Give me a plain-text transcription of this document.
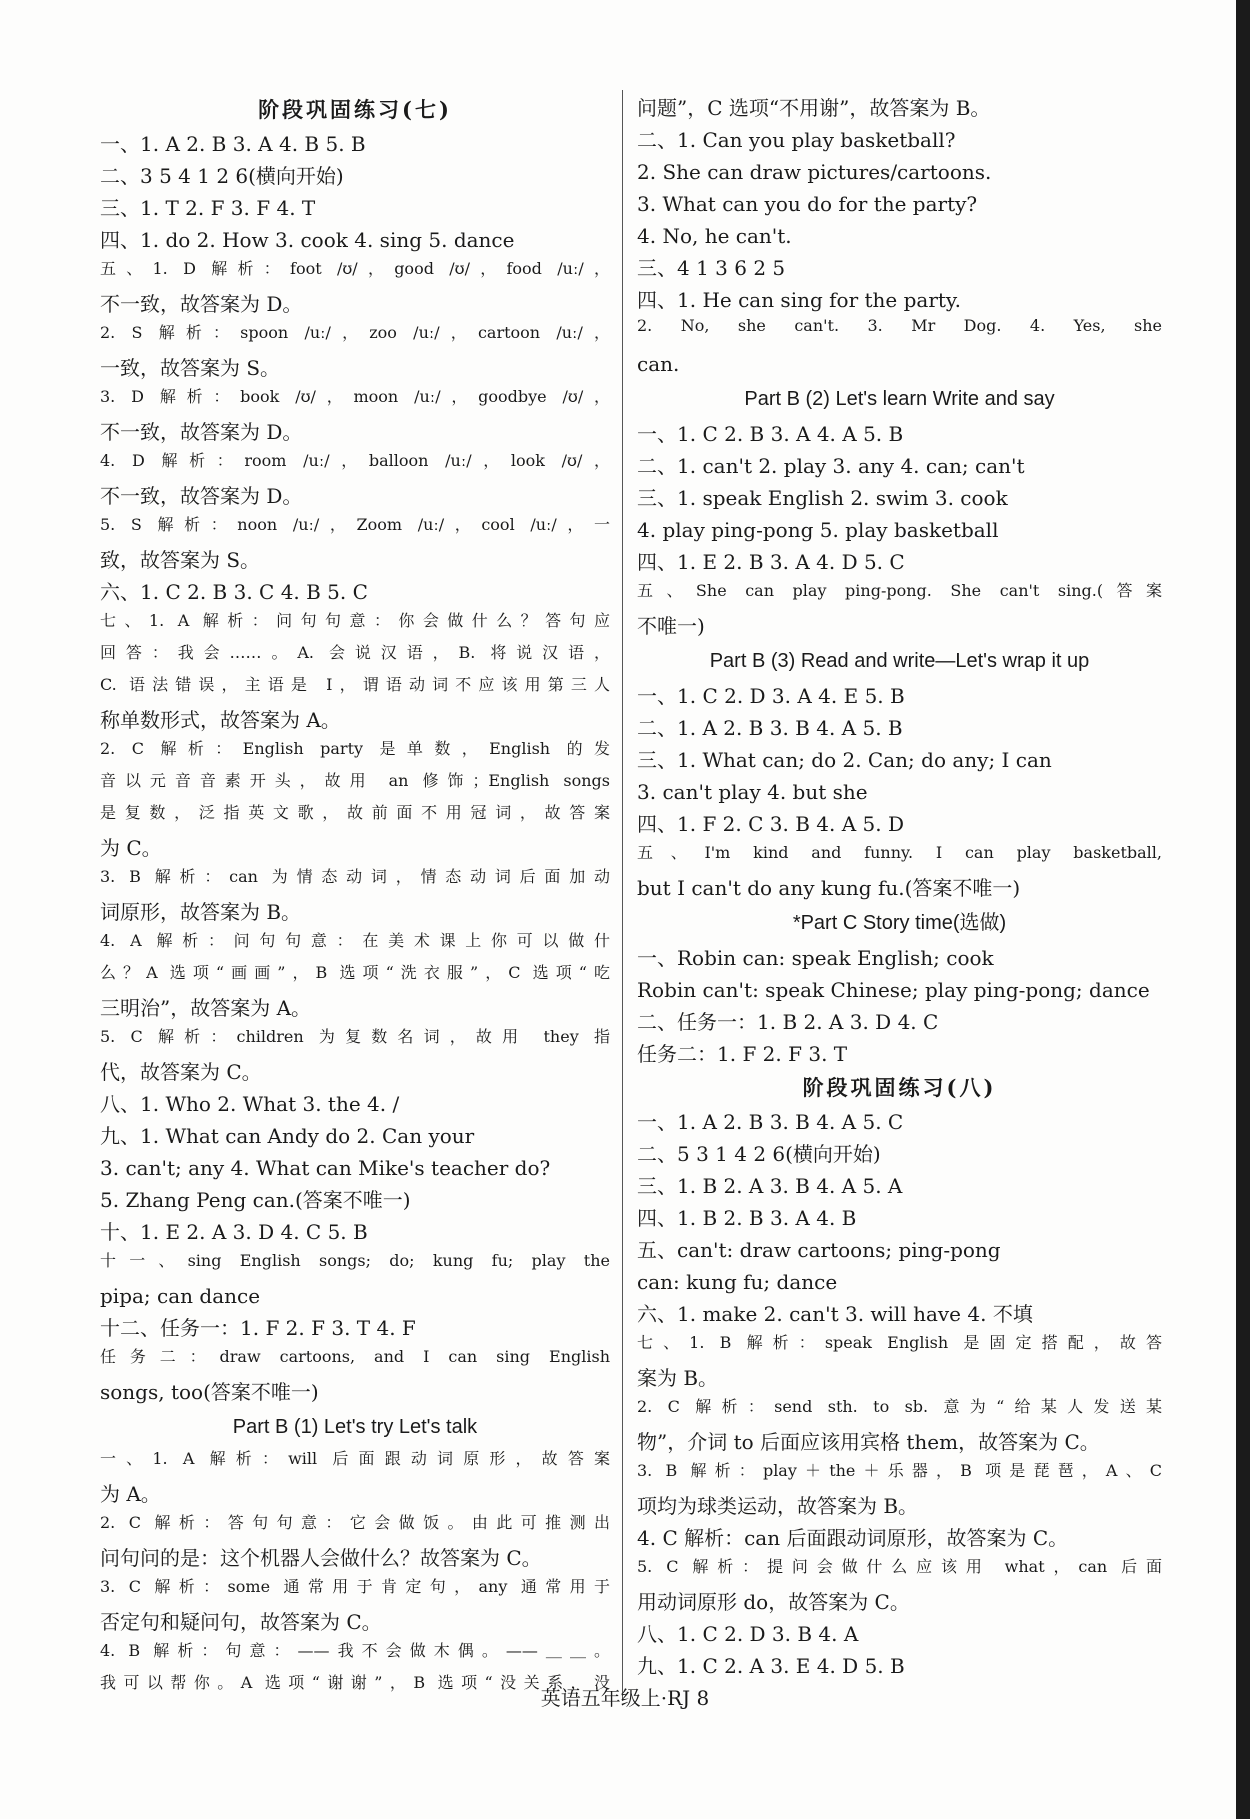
阶段巩固练习(七)
一、1. A 2. B 3. A 4. B 5. B
二、3 5 4 1 2 6(横向开始)
三、1. T 2. F 3. F 4. T
四、1. do 2. How 3. cook 4. sing 5. dance
五、1. D 解析：foot /ʊ/，good /ʊ/，food /uː/，
不一致，故答案为 D。
2. S 解析：spoon /uː/，zoo /uː/，cartoon /uː/，
一致，故答案为 S。
3. D 解析：book /ʊ/，moon /uː/，goodbye /ʊ/，
不一致，故答案为 D。
4. D 解析：room /uː/，balloon /uː/，look /ʊ/，
不一致，故答案为 D。
5. S 解析：noon /uː/，Zoom /uː/，cool /uː/，一
致，故答案为 S。
六、1. C 2. B 3. C 4. B 5. C
七、1. A 解析：问句句意：你会做什么？答句应
回答：我会……。A. 会说汉语，B. 将说汉语，
C. 语法错误，主语是 I，谓语动词不应该用第三人
称单数形式，故答案为 A。
2. C 解析：English party 是单数，English 的发
音以元音音素开头，故用 an 修饰；English songs
是复数，泛指英文歌，故前面不用冠词，故答案
为 C。
3. B 解析：can 为情态动词，情态动词后面加动
词原形，故答案为 B。
4. A 解析：问句句意：在美术课上你可以做什
么？A 选项“画画”，B 选项“洗衣服”，C 选项“吃
三明治”，故答案为 A。
5. C 解析：children 为复数名词，故用 they 指
代，故答案为 C。
八、1. Who 2. What 3. the 4. /
九、1. What can Andy do 2. Can your
3. can't; any 4. What can Mike's teacher do?
5. Zhang Peng can.(答案不唯一)
十、1. E 2. A 3. D 4. C 5. B
十一、sing English songs; do; kung fu; play the
pipa; can dance
十二、任务一：1. F 2. F 3. T 4. F
任务二：draw cartoons, and I can sing English
songs, too(答案不唯一)
Part B (1) Let's try Let's talk
一、1. A 解析：will 后面跟动词原形，故答案
为 A。
2. C 解析：答句句意：它会做饭。由此可推测出
问句问的是：这个机器人会做什么？故答案为 C。
3. C 解析：some 通常用于肯定句，any 通常用于
否定句和疑问句，故答案为 C。
4. B 解析：句意：——我不会做木偶。——＿＿。
我可以帮你。A 选项“谢谢”，B 选项“没关系，没
问题”，C 选项“不用谢”，故答案为 B。
二、1. Can you play basketball?
2. She can draw pictures/cartoons.
3. What can you do for the party?
4. No, he can't.
三、4 1 3 6 2 5
四、1. He can sing for the party.
2. No, she can't. 3. Mr Dog. 4. Yes, she
can.
Part B (2) Let's learn Write and say
一、1. C 2. B 3. A 4. A 5. B
二、1. can't 2. play 3. any 4. can; can't
三、1. speak English 2. swim 3. cook
4. play ping-pong 5. play basketball
四、1. E 2. B 3. A 4. D 5. C
五、She can play ping-pong. She can't sing.(答案
不唯一)
Part B (3) Read and write—Let's wrap it up
一、1. C 2. D 3. A 4. E 5. B
二、1. A 2. B 3. B 4. A 5. B
三、1. What can; do 2. Can; do any; I can
3. can't play 4. but she
四、1. F 2. C 3. B 4. A 5. D
五、I'm kind and funny. I can play basketball,
but I can't do any kung fu.(答案不唯一)
*Part C Story time(选做)
一、Robin can: speak English; cook
Robin can't: speak Chinese; play ping-pong; dance
二、任务一：1. B 2. A 3. D 4. C
任务二：1. F 2. F 3. T
阶段巩固练习(八)
一、1. A 2. B 3. B 4. A 5. C
二、5 3 1 4 2 6(横向开始)
三、1. B 2. A 3. B 4. A 5. A
四、1. B 2. B 3. A 4. B
五、can't: draw cartoons; ping-pong
can: kung fu; dance
六、1. make 2. can't 3. will have 4. 不填
七、1. B 解析：speak English 是固定搭配，故答
案为 B。
2. C 解析：send sth. to sb. 意为“给某人发送某
物”，介词 to 后面应该用宾格 them，故答案为 C。
3. B 解析：play＋the＋乐器，B 项是琵琶，A、C
项均为球类运动，故答案为 B。
4. C 解析：can 后面跟动词原形，故答案为 C。
5. C 解析：提问会做什么应该用 what，can 后面
用动词原形 do，故答案为 C。
八、1. C 2. D 3. B 4. A
九、1. C 2. A 3. E 4. D 5. B
英语五年级上·RJ 8
